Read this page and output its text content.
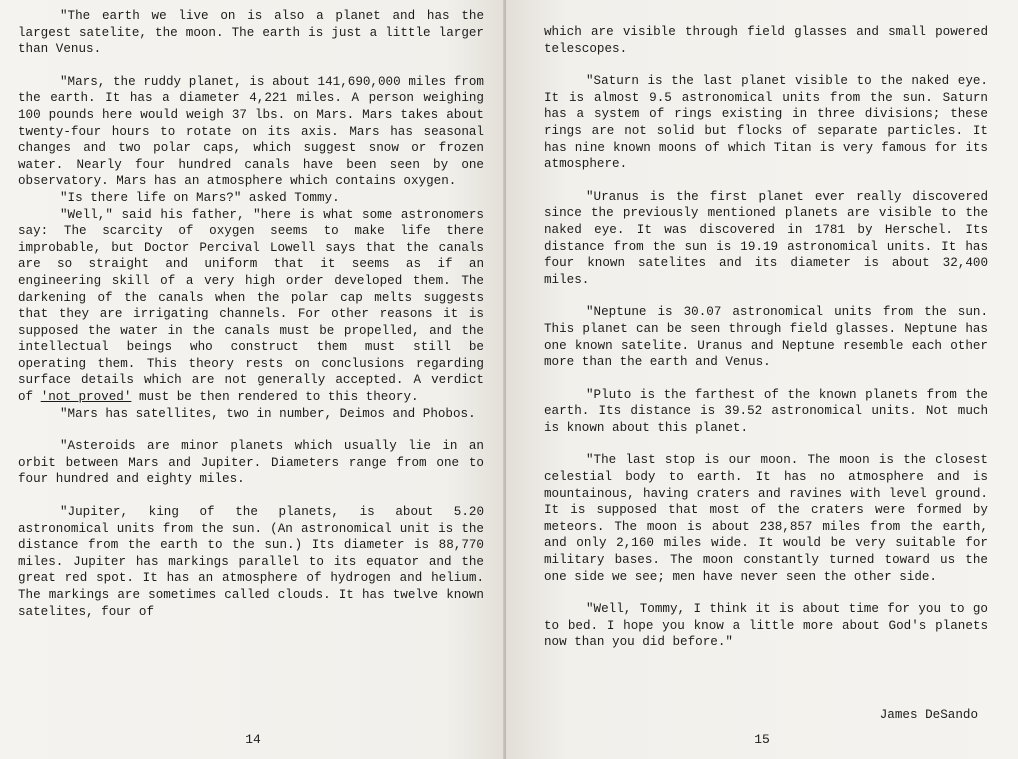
"The earth we live on is also a planet and has the largest satelite, the moon. The earth is just a little larger than Venus.

"Mars, the ruddy planet, is about 141,690,000 miles from the earth. It has a diameter 4,221 miles. A person weighing 100 pounds here would weigh 37 lbs. on Mars. Mars takes about twenty-four hours to rotate on its axis. Mars has seasonal changes and two polar caps, which suggest snow or frozen water. Nearly four hundred canals have been seen by one observatory. Mars has an atmosphere which contains oxygen.

"Is there life on Mars?" asked Tommy.

"Well," said his father, "here is what some astronomers say: The scarcity of oxygen seems to make life there improbable, but Doctor Percival Lowell says that the canals are so straight and uniform that it seems as if an engineering skill of a very high order developed them. The darkening of the canals when the polar cap melts suggests that they are irrigating channels. For other reasons it is supposed the water in the canals must be propelled, and the intellectual beings who construct them must still be operating them. This theory rests on conclusions regarding surface details which are not generally accepted. A verdict of 'not proved' must be then rendered to this theory.

"Mars has satellites, two in number, Deimos and Phobos.

"Asteroids are minor planets which usually lie in an orbit between Mars and Jupiter. Diameters range from one to four hundred and eighty miles.

"Jupiter, king of the planets, is about 5.20 astronomical units from the sun. (An astronomical unit is the distance from the earth to the sun.) Its diameter is 88,770 miles. Jupiter has markings parallel to its equator and the great red spot. It has an atmosphere of hydrogen and helium. The markings are sometimes called clouds. It has twelve known satelites, four of

14

which are visible through field glasses and small powered telescopes.

"Saturn is the last planet visible to the naked eye. It is almost 9.5 astronomical units from the sun. Saturn has a system of rings existing in three divisions; these rings are not solid but flocks of separate particles. It has nine known moons of which Titan is very famous for its atmosphere.

"Uranus is the first planet ever really discovered since the previously mentioned planets are visible to the naked eye. It was discovered in 1781 by Herschel. Its distance from the sun is 19.19 astronomical units. It has four known satelites and its diameter is about 32,400 miles.

"Neptune is 30.07 astronomical units from the sun. This planet can be seen through field glasses. Neptune has one known satelite. Uranus and Neptune resemble each other more than the earth and Venus.

"Pluto is the farthest of the known planets from the earth. Its distance is 39.52 astronomical units. Not much is known about this planet.

"The last stop is our moon. The moon is the closest celestial body to earth. It has no atmosphere and is mountainous, having craters and ravines with level ground. It is supposed that most of the craters were formed by meteors. The moon is about 238,857 miles from the earth, and only 2,160 miles wide. It would be very suitable for military bases. The moon constantly turned toward us the one side we see; men have never seen the other side.

"Well, Tommy, I think it is about time for you to go to bed. I hope you know a little more about God's planets now than you did before."

James DeSando
15
